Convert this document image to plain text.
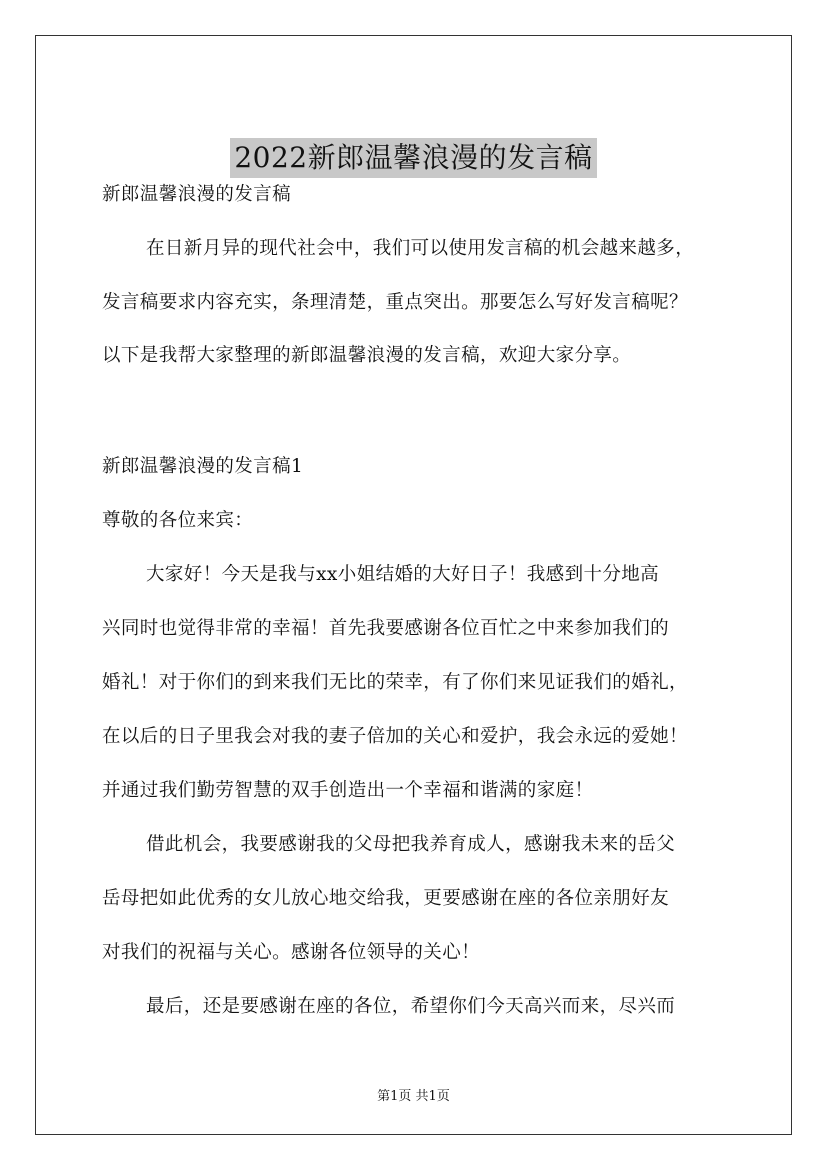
2022新郎温馨浪漫的发言稿
新郎温馨浪漫的发言稿
在日新月异的现代社会中，我们可以使用发言稿的机会越来越多，
发言稿要求内容充实，条理清楚，重点突出。那要怎么写好发言稿呢？
以下是我帮大家整理的新郎温馨浪漫的发言稿，欢迎大家分享。
新郎温馨浪漫的发言稿1
尊敬的各位来宾：
大家好！今天是我与xx小姐结婚的大好日子！我感到十分地高
兴同时也觉得非常的幸福！首先我要感谢各位百忙之中来参加我们的
婚礼！对于你们的到来我们无比的荣幸，有了你们来见证我们的婚礼，
在以后的日子里我会对我的妻子倍加的关心和爱护，我会永远的爱她！
并通过我们勤劳智慧的双手创造出一个幸福和谐满的家庭！
借此机会，我要感谢我的父母把我养育成人，感谢我未来的岳父
岳母把如此优秀的女儿放心地交给我，更要感谢在座的各位亲朋好友
对我们的祝福与关心。感谢各位领导的关心！
最后，还是要感谢在座的各位，希望你们今天高兴而来，尽兴而
第1页 共1页
